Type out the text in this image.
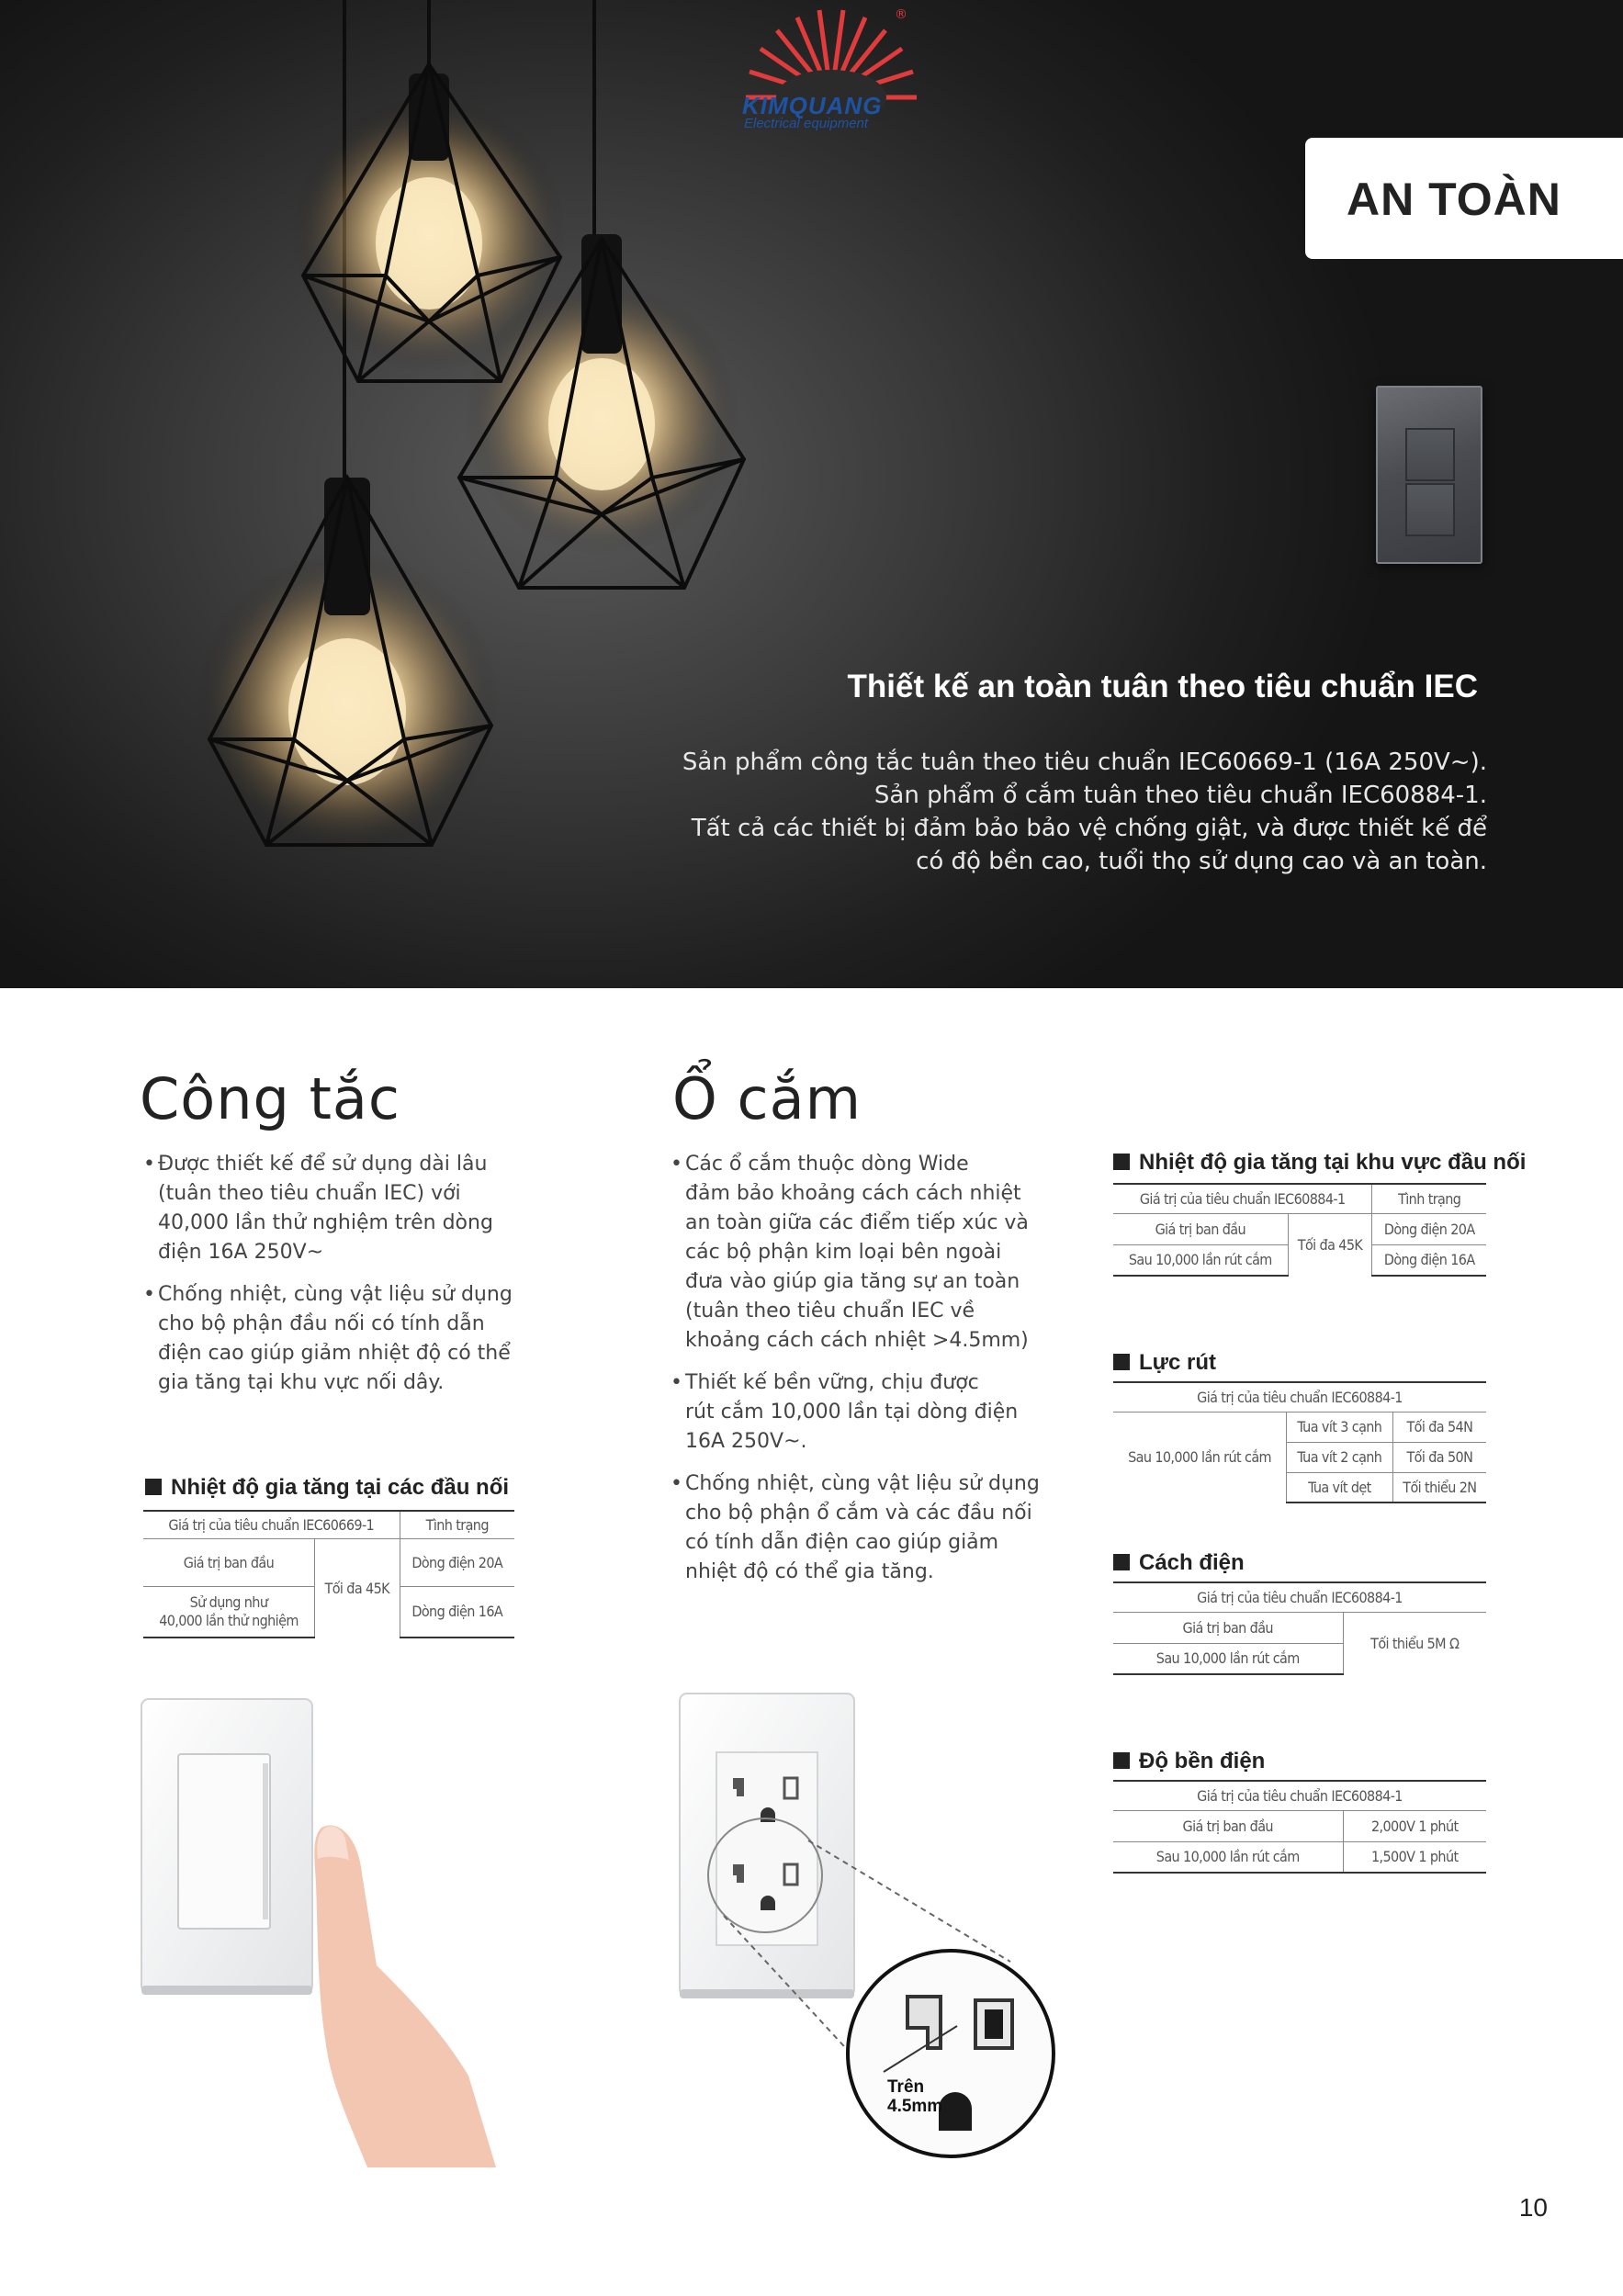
KIMQUANG
Electrical equipment
®
AN TOÀN
Thiết kế an toàn tuân theo tiêu chuẩn IEC
Sản phẩm công tắc tuân theo tiêu chuẩn IEC60669-1 (16A 250V~).
Sản phẩm ổ cắm tuân theo tiêu chuẩn IEC60884-1.
Tất cả các thiết bị đảm bảo bảo vệ chống giật, và được thiết kế để
có độ bền cao, tuổi thọ sử dụng cao và an toàn.
Công tắc
• Được thiết kế để sử dụng dài lâu
(tuân theo tiêu chuẩn IEC) với
40,000 lần thử nghiệm trên dòng
điện 16A 250V~
• Chống nhiệt, cùng vật liệu sử dụng
cho bộ phận đầu nối có tính dẫn
điện cao giúp giảm nhiệt độ có thể
gia tăng tại khu vực nối dây.
Nhiệt độ gia tăng tại các đầu nối
Giá trị của tiêu chuẩn IEC60669-1		Tình trạng
Giá trị ban đầu	Tối đa 45K	Dòng điện 20A

Sử dụng như
40,000 lần thử nghiệm		Dòng điện 16A
Ổ cắm
• Các ổ cắm thuộc dòng Wide
đảm bảo khoảng cách cách nhiệt
an toàn giữa các điểm tiếp xúc và
các bộ phận kim loại bên ngoài
đưa vào giúp gia tăng sự an toàn
(tuân theo tiêu chuẩn IEC về
khoảng cách cách nhiệt >4.5mm)
• Thiết kế bền vững, chịu được
rút cắm 10,000 lần tại dòng điện
16A 250V~.
• Chống nhiệt, cùng vật liệu sử dụng
cho bộ phận ổ cắm và các đầu nối
có tính dẫn điện cao giúp giảm
nhiệt độ có thể gia tăng.
Trên
4.5mm
Nhiệt độ gia tăng tại khu vực đầu nối
Giá trị của tiêu chuẩn IEC60884-1		Tình trạng
Giá trị ban đầu	Tối đa 45K	Dòng điện 20A
Sau 10,000 lần rút cắm		Dòng điện 16A
Lực rút
Giá trị của tiêu chuẩn IEC60884-1		
Sau 10,000 lần rút cắm	Tua vít 3 cạnh	Tối đa 54N
	Tua vít 2 cạnh	Tối đa 50N
	Tua vít dẹt	Tối thiểu 2N
Cách điện
Giá trị của tiêu chuẩn IEC60884-1
Giá trị ban đầu	Tối thiểu 5M Ω
Sau 10,000 lần rút cắm
Độ bền điện
Giá trị của tiêu chuẩn IEC60884-1	
Giá trị ban đầu	2,000V 1 phút
Sau 10,000 lần rút cắm	1,500V 1 phút
10
